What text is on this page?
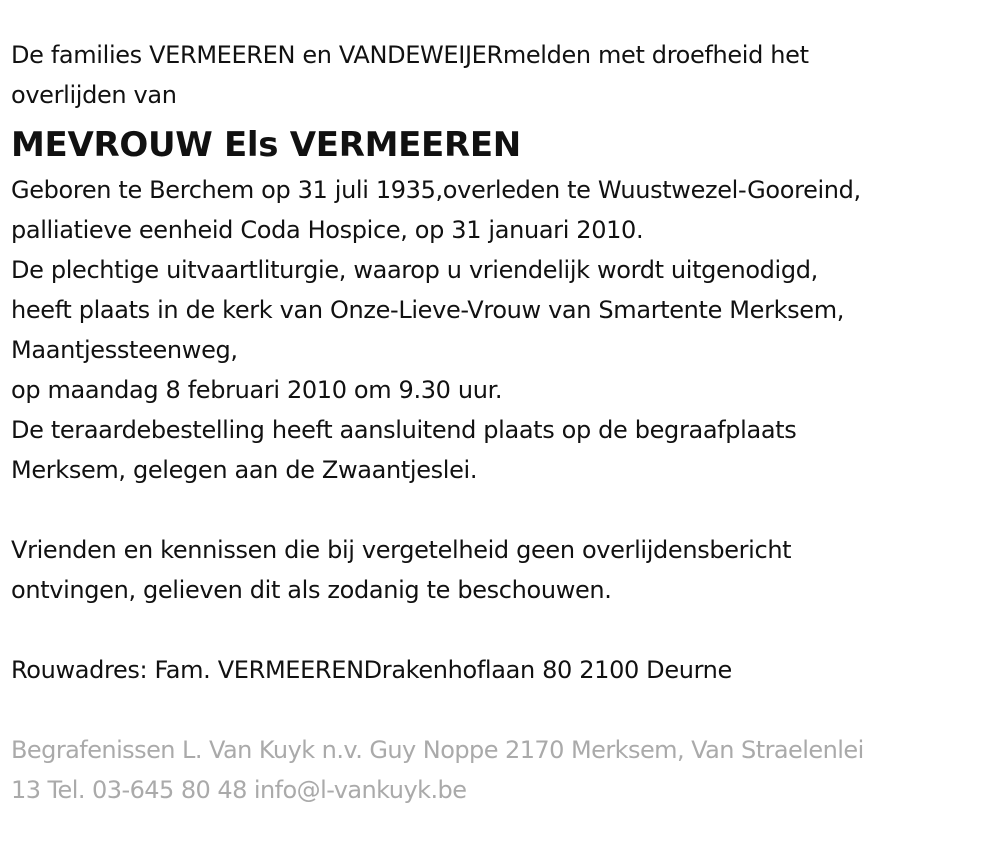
De families VERMEEREN en VANDEWEIJERmelden met droefheid het
overlijden van
MEVROUW Els VERMEEREN
Geboren te Berchem op 31 juli 1935,overleden te Wuustwezel-Gooreind,
palliatieve eenheid Coda Hospice, op 31 januari 2010.
De plechtige uitvaartliturgie, waarop u vriendelijk wordt uitgenodigd,
heeft plaats in de kerk van Onze-Lieve-Vrouw van Smartente Merksem,
Maantjessteenweg,
op maandag 8 februari 2010 om 9.30 uur.
De teraardebestelling heeft aansluitend plaats op de begraafplaats
Merksem, gelegen aan de Zwaantjeslei.
Vrienden en kennissen die bij vergetelheid geen overlijdensbericht
ontvingen, gelieven dit als zodanig te beschouwen.
Rouwadres: Fam. VERMEERENDrakenhoflaan 80 2100 Deurne
Begrafenissen L. Van Kuyk n.v. Guy Noppe 2170 Merksem, Van Straelenlei
13 Tel. 03-645 80 48 info@l-vankuyk.be
